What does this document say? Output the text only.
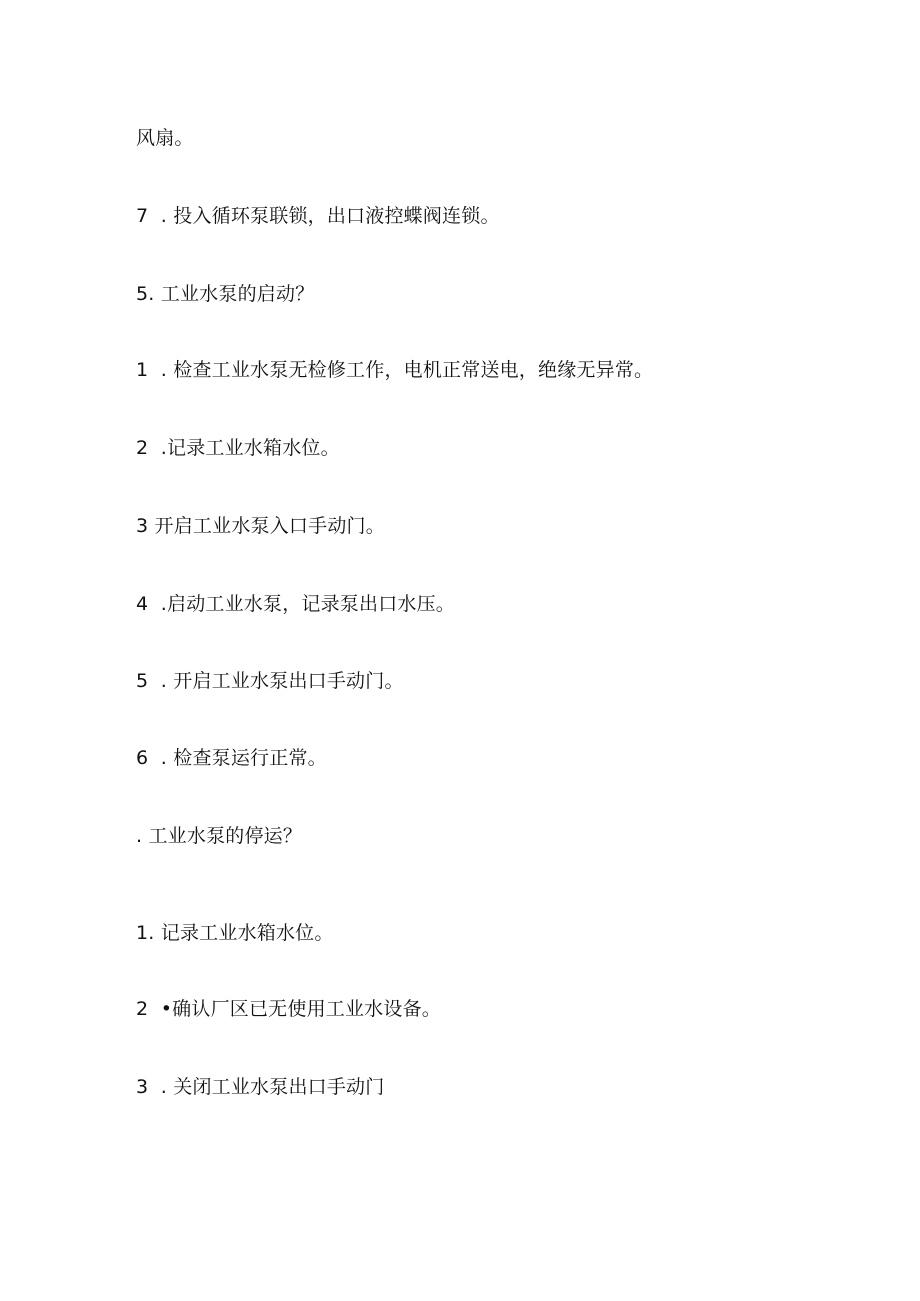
风扇。
7  . 投入循环泵联锁，出口液控蝶阀连锁。
5. 工业水泵的启动？
1  . 检查工业水泵无检修工作，电机正常送电，绝缘无异常。
2  .记录工业水箱水位。
3 开启工业水泵入口手动门。
4  .启动工业水泵，记录泵出口水压。
5  . 开启工业水泵出口手动门。
6  . 检查泵运行正常。
. 工业水泵的停运？
1. 记录工业水箱水位。
2  •确认厂区已无使用工业水设备。
3  . 关闭工业水泵出口手动门
